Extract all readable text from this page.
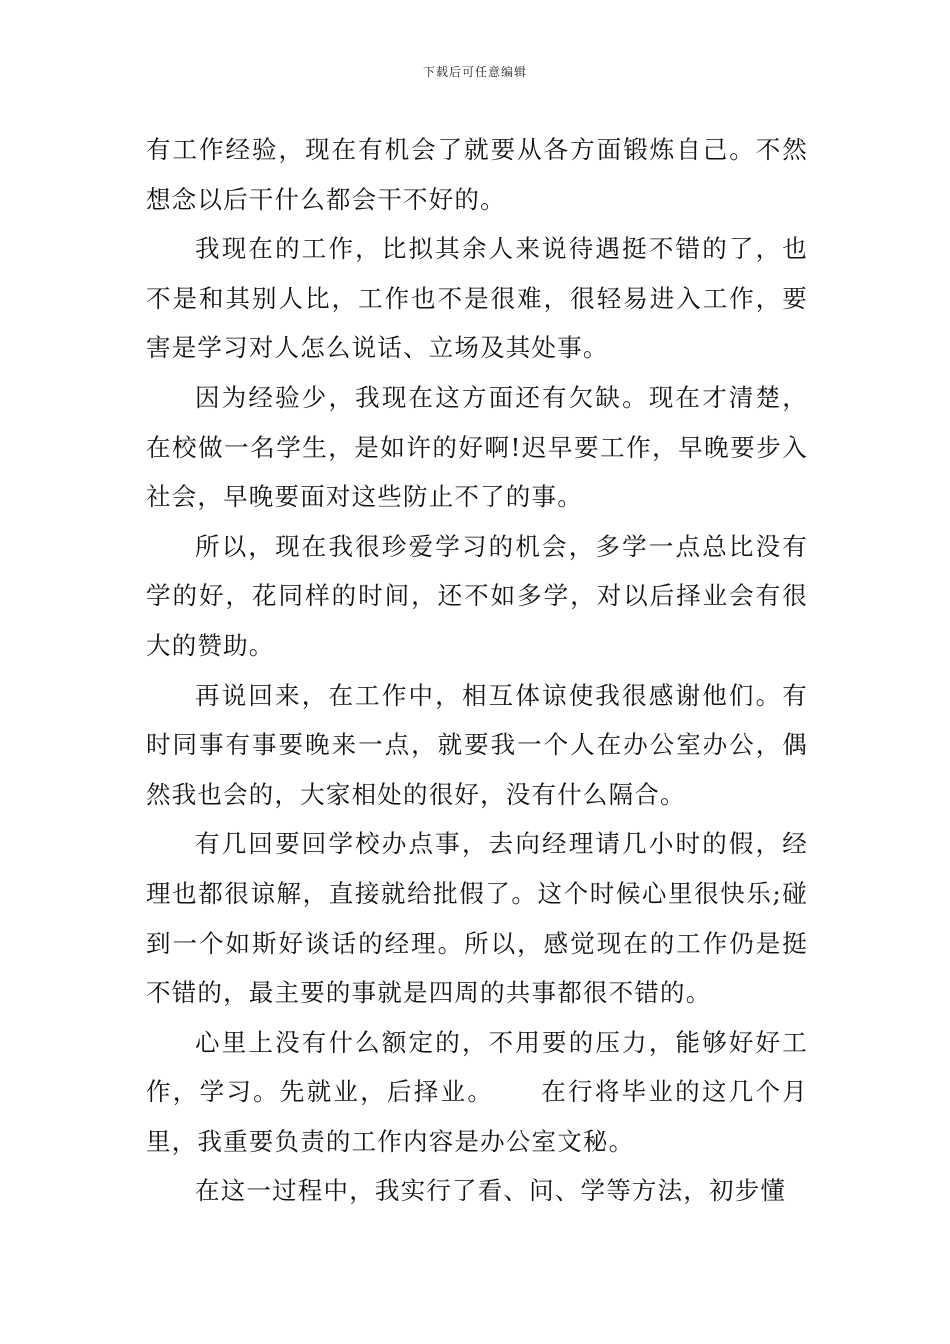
下载后可任意编辑

有工作经验，现在有机会了就要从各方面锻炼自己。不然想念以后干什么都会干不好的。

我现在的工作，比拟其余人来说待遇挺不错的了，也不是和其别人比，工作也不是很难，很轻易进入工作，要害是学习对人怎么说话、立场及其处事。

因为经验少，我现在这方面还有欠缺。现在才清楚，在校做一名学生，是如许的好啊!迟早要工作，早晚要步入社会，早晚要面对这些防止不了的事。

所以，现在我很珍爱学习的机会，多学一点总比没有学的好，花同样的时间，还不如多学，对以后择业会有很大的赞助。

再说回来，在工作中，相互体谅使我很感谢他们。有时同事有事要晚来一点，就要我一个人在办公室办公，偶然我也会的，大家相处的很好，没有什么隔合。

有几回要回学校办点事，去向经理请几小时的假，经理也都很谅解，直接就给批假了。这个时候心里很快乐;碰到一个如斯好谈话的经理。所以，感觉现在的工作仍是挺不错的，最主要的事就是四周的共事都很不错的。

心里上没有什么额定的，不用要的压力，能够好好工作，学习。先就业，后择业。 在行将毕业的这几个月里，我重要负责的工作内容是办公室文秘。

在这一过程中，我实行了看、问、学等方法，初步懂
